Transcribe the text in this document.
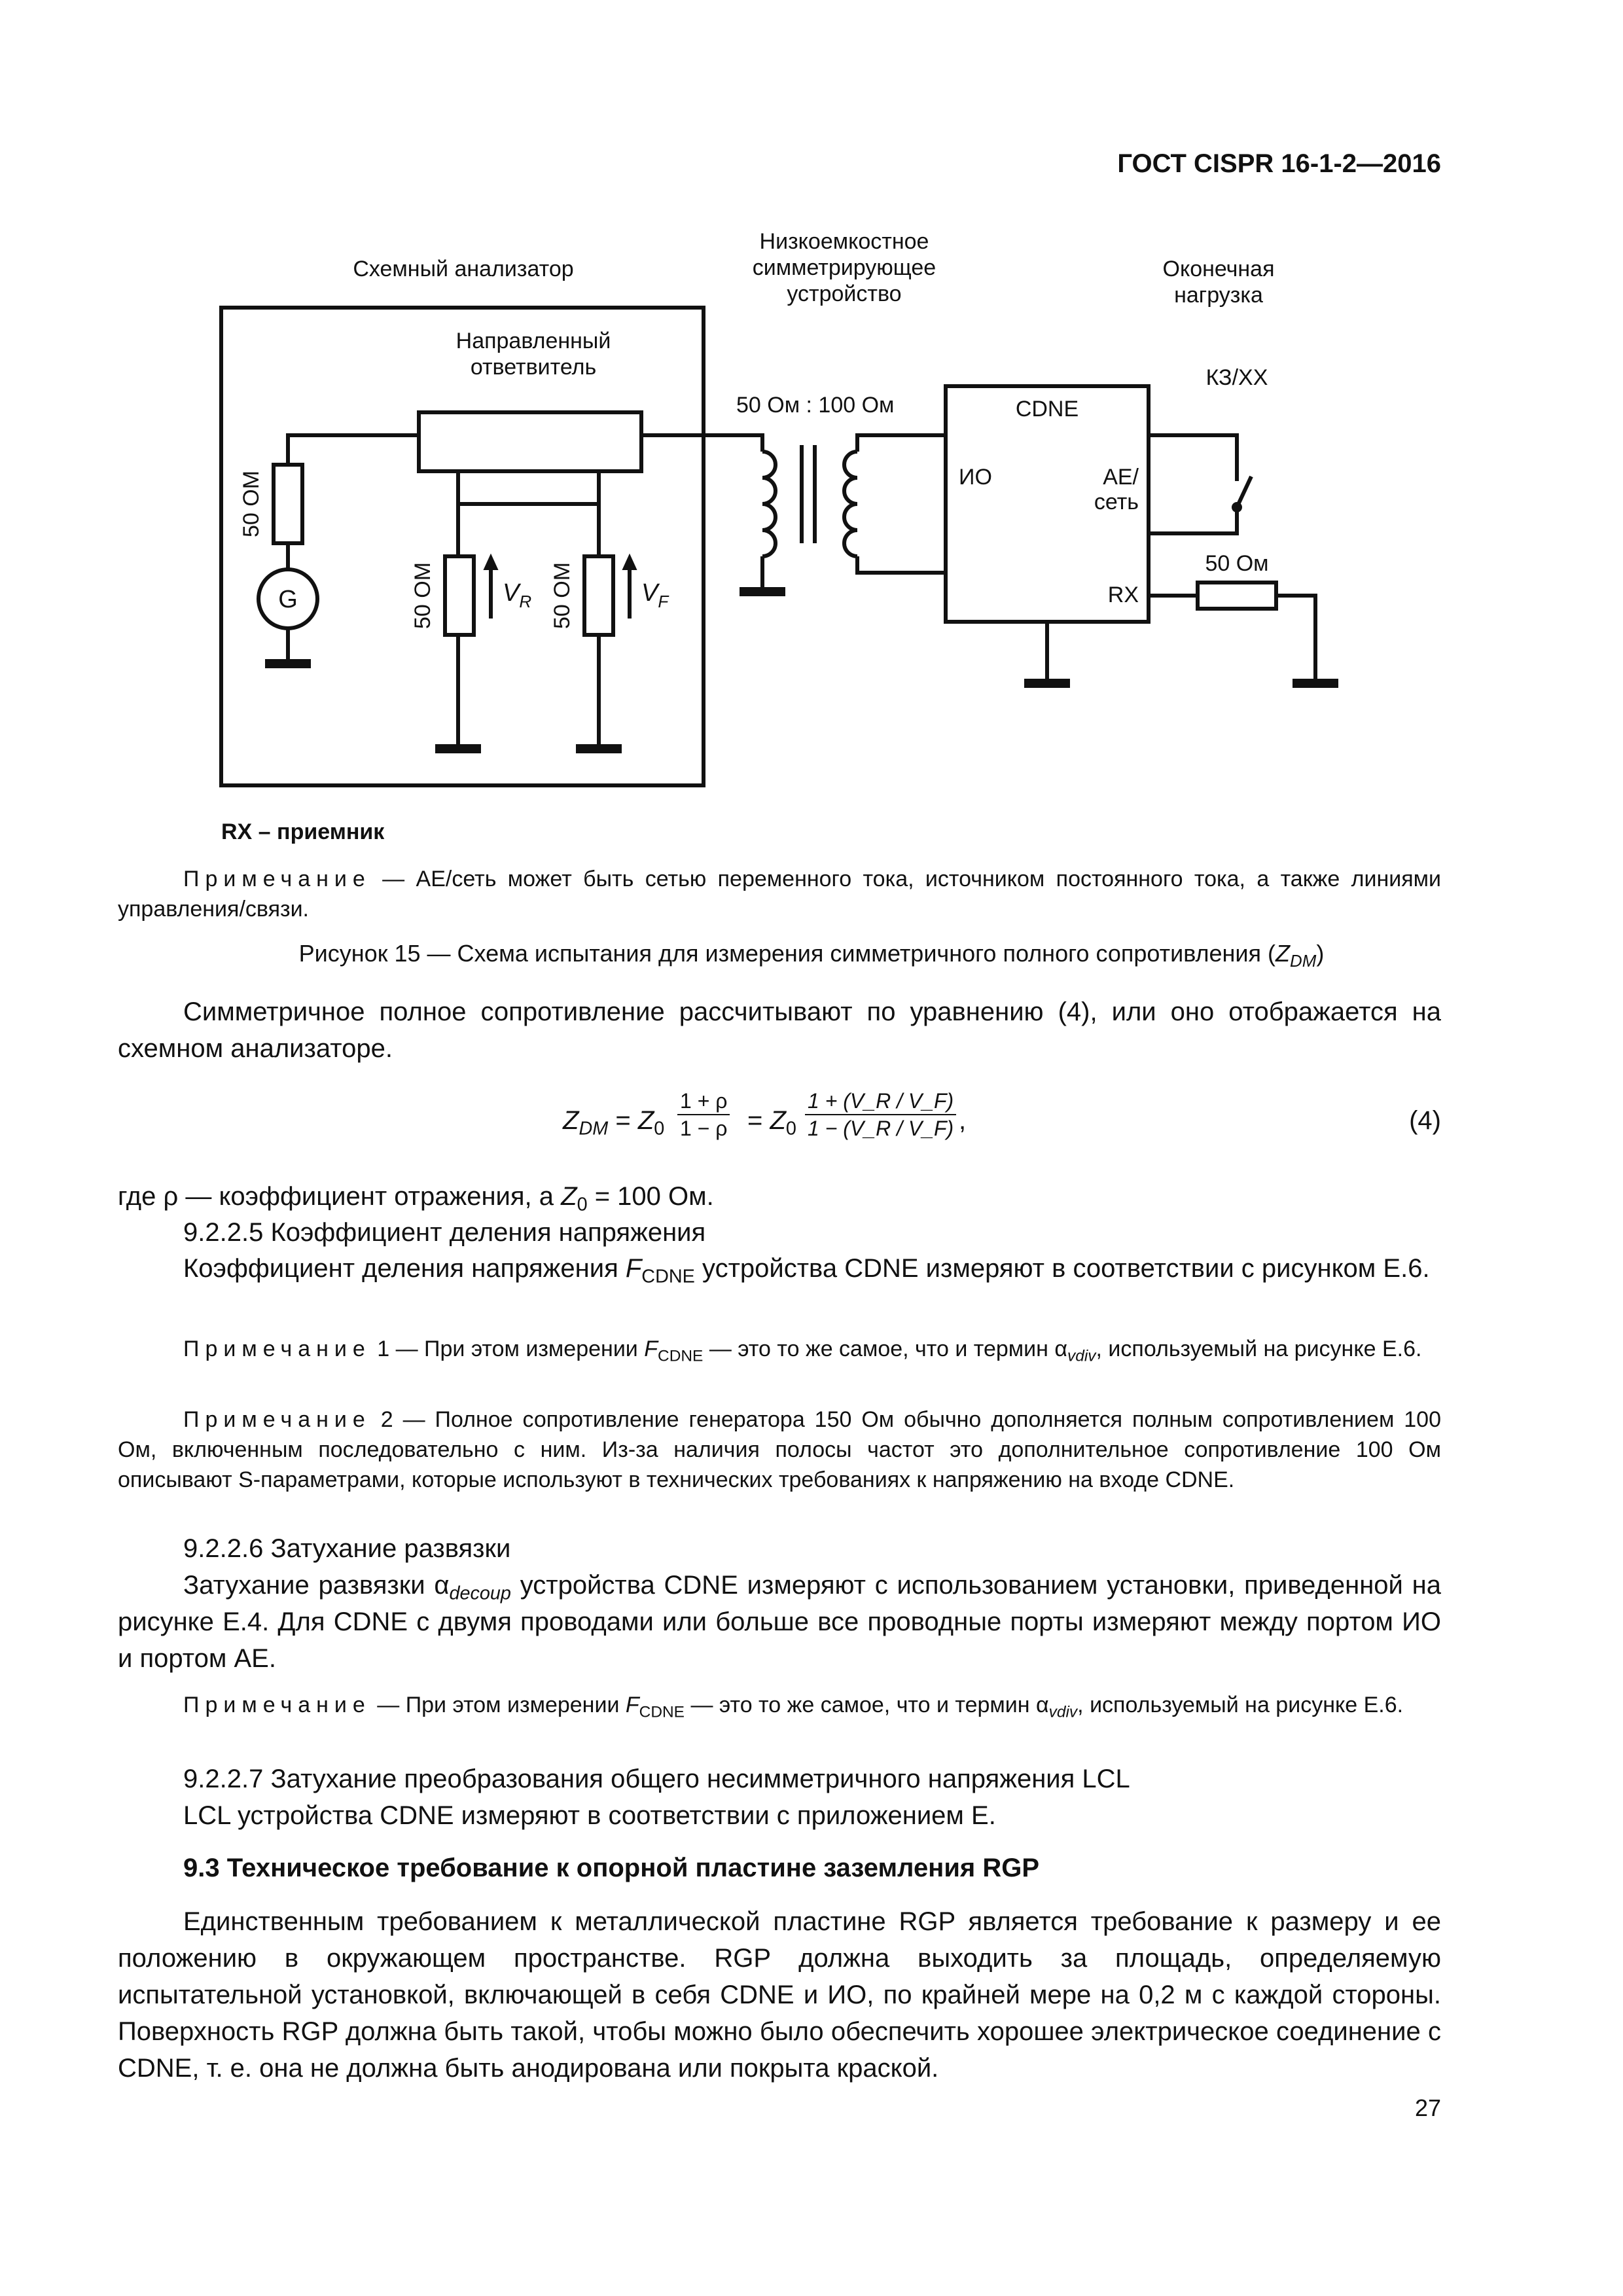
ГОСТ CISPR 16-1-2—2016
Схемный анализатор
Низкоемкостное
симметрирующее
устройство
Оконечная
нагрузка
Направленный
ответвитель
50 Ом : 100 Ом	CDNE
ИО	АЕ/
сеть
RX
КЗ/ХХ
50 Ом
G
50 ОМ
50 ОМ	50 ОМ
$V_R$	$V_F$
RX – приемник
Примечание — АЕ/сеть может быть сетью переменного тока, источником постоянного тока, а также линиями управления/связи.
Рисунок 15 — Схема испытания для измерения симметричного полного сопротивления $(Z_{DM})$
Симметричное полное сопротивление рассчитывают по уравнению (4), или оно отображается на схемном анализаторе.
$Z_{DM} = Z_0 \frac{1 + \rho}{1 - \rho} = Z_0 \frac{1 + (V\_R / V\_F)}{1 - (V\_R / V\_F)}$ ,	(4)
где ρ — коэффициент отражения, а $Z_0 = 100$ Ом.
9.2.2.5 Коэффициент деления напряжения
Коэффициент деления напряжения $F_{CDNE}$ устройства CDNE измеряют в соответствии с рисунком Е.6.
Примечание 1 — При этом измерении $F_{CDNE}$ — это то же самое, что и термин $\alpha_{vdiv}$, используемый на рисунке Е.6.
Примечание 2 — Полное сопротивление генератора 150 Ом обычно дополняется полным сопротивлением 100 Ом, включенным последовательно с ним. Из-за наличия полосы частот это дополнительное сопротивление 100 Ом описывают S-параметрами, которые используют в технических требованиях к напряжению на входе CDNE.
9.2.2.6 Затухание развязки
Затухание развязки $\alpha_{decoup}$ устройства CDNE измеряют с использованием установки, приведенной на рисунке Е.4. Для CDNE с двумя проводами или больше все проводные порты измеряют между портом ИО и портом АЕ.
Примечание — При этом измерении $F_{CDNE}$ — это то же самое, что и термин $\alpha_{vdiv}$, используемый на рисунке Е.6.
9.2.2.7 Затухание преобразования общего несимметричного напряжения LCL
LCL устройства CDNE измеряют в соответствии с приложением Е.
9.3 Техническое требование к опорной пластине заземления RGP
Единственным требованием к металлической пластине RGP является требование к размеру и ее положению в окружающем пространстве. RGP должна выходить за площадь, определяемую испытательной установкой, включающей в себя CDNE и ИО, по крайней мере на 0,2 м с каждой стороны. Поверхность RGP должна быть такой, чтобы можно было обеспечить хорошее электрическое соединение с CDNE, т. е. она не должна быть анодирована или покрыта краской.
27
